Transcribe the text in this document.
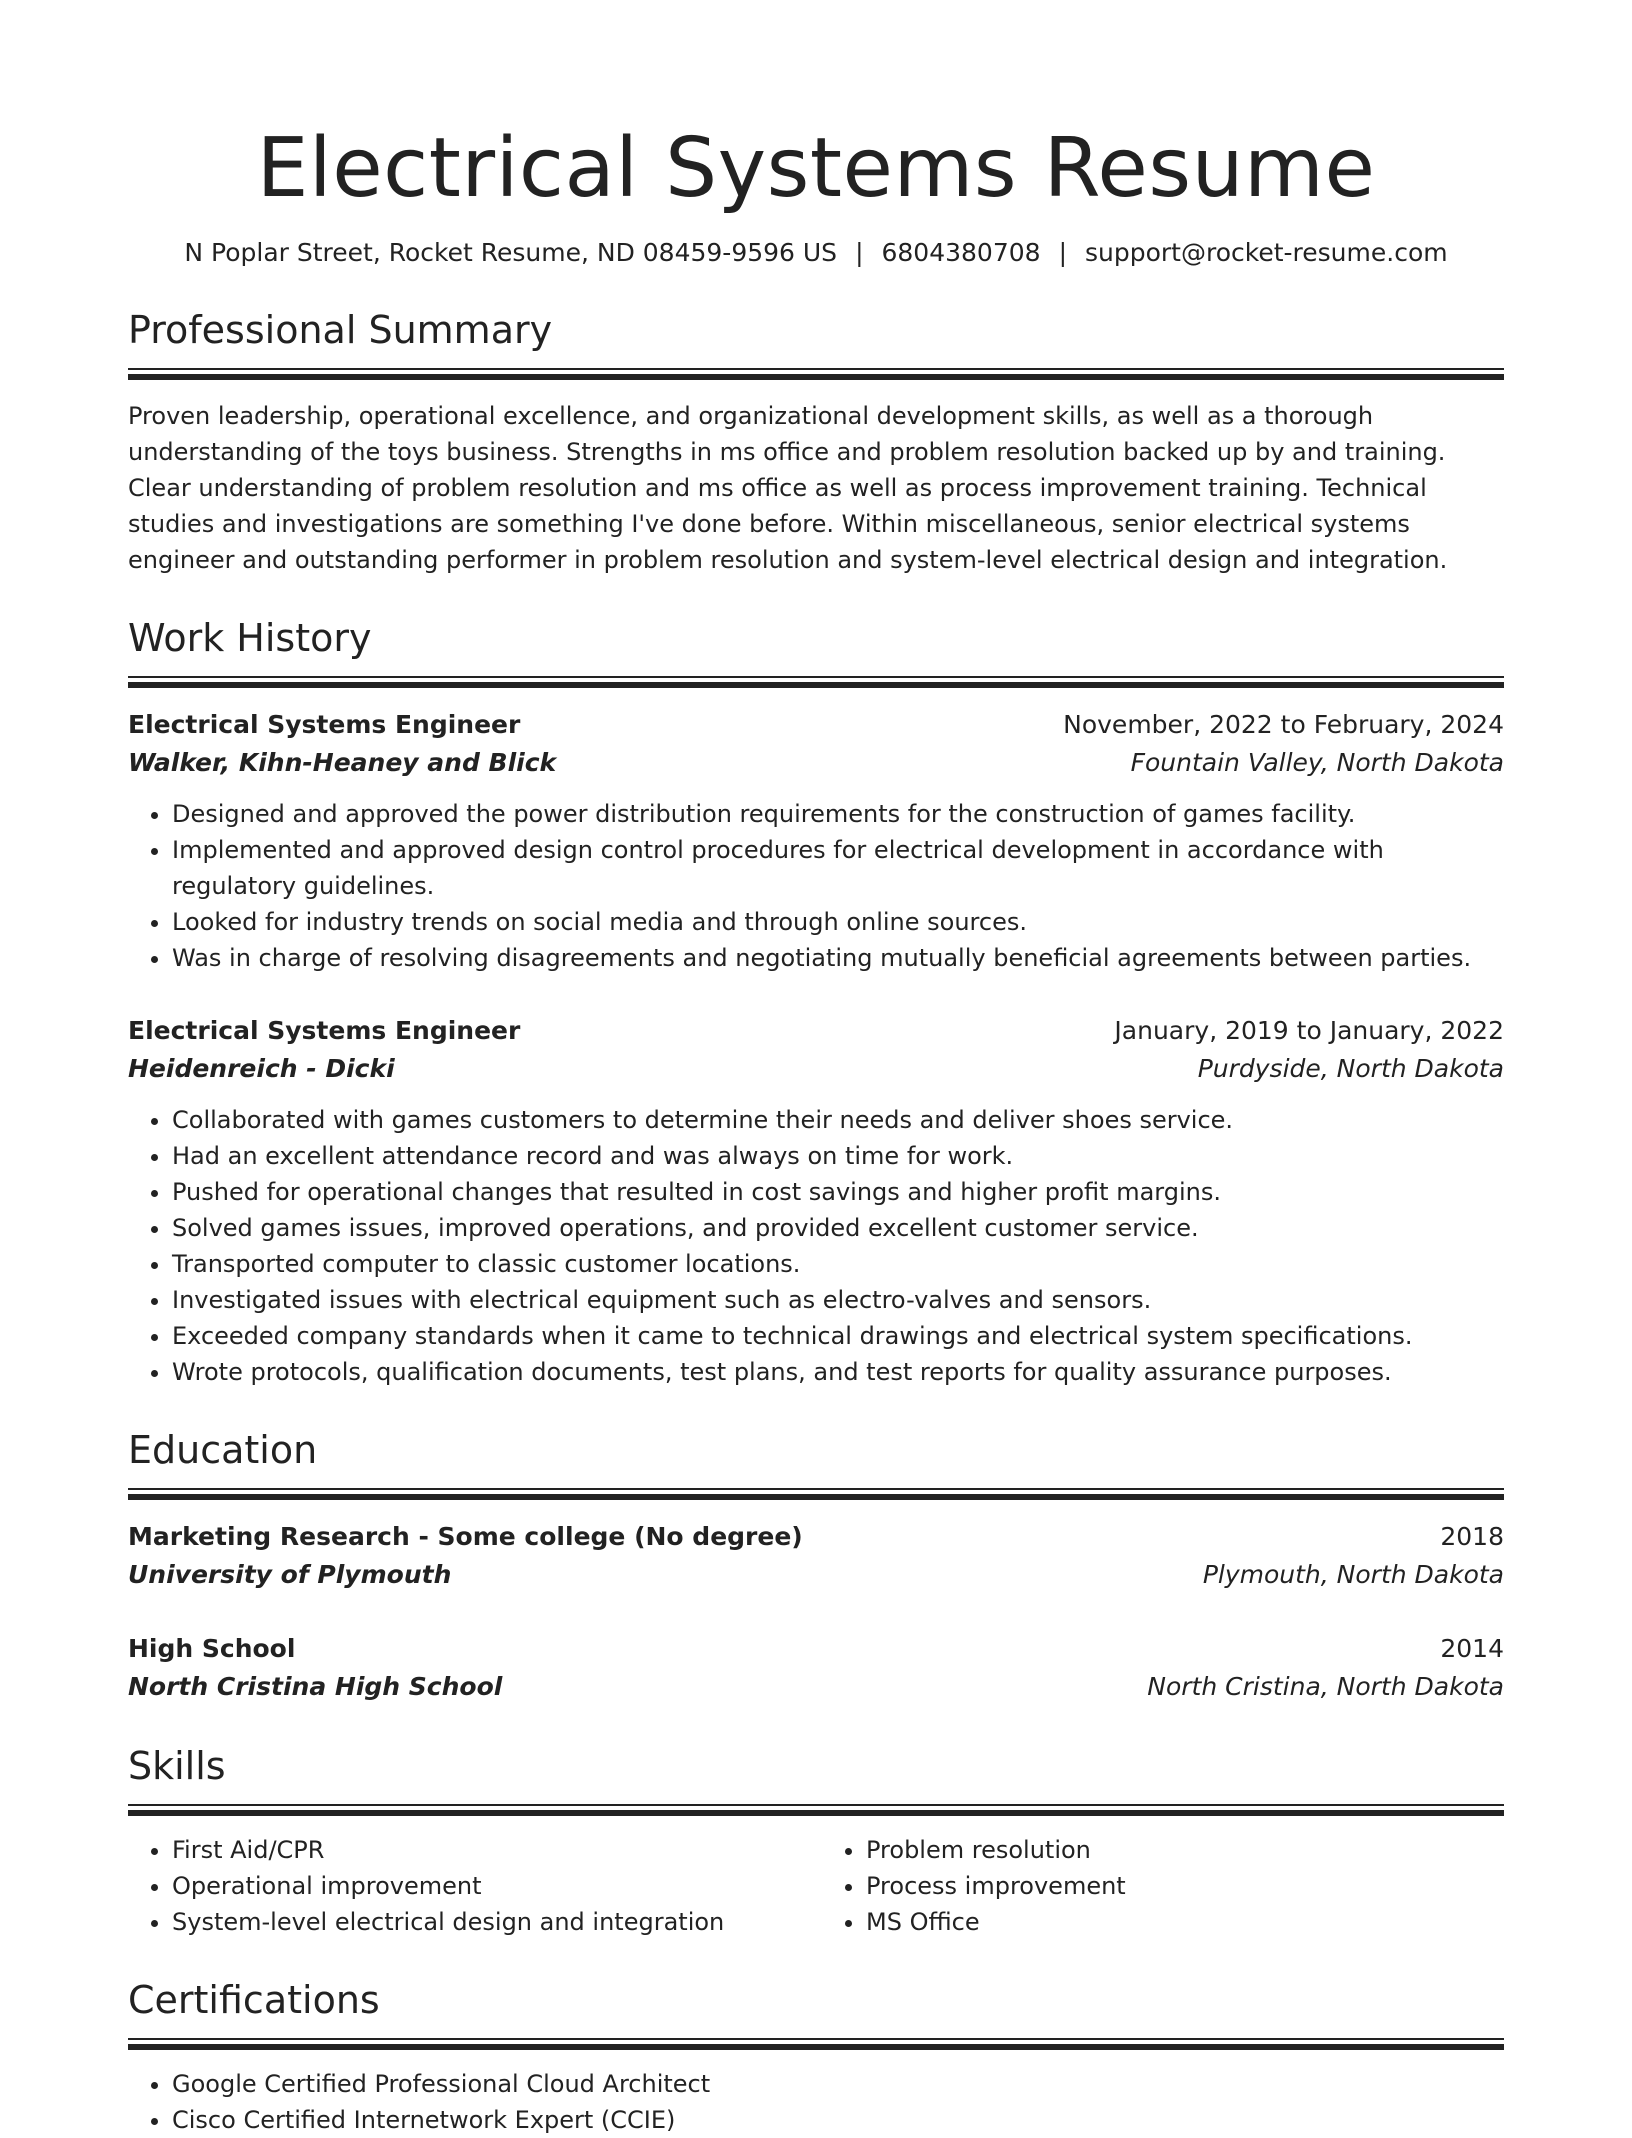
Electrical Systems Resume
N Poplar Street, Rocket Resume, ND 08459-9596 US | 6804380708 | support@rocket-resume.com
Professional Summary
Proven leadership, operational excellence, and organizational development skills, as well as a thorough understanding of the toys business. Strengths in ms office and problem resolution backed up by and training. Clear understanding of problem resolution and ms office as well as process improvement training. Technical studies and investigations are something I've done before. Within miscellaneous, senior electrical systems engineer and outstanding performer in problem resolution and system-level electrical design and integration.
Work History
Electrical Systems Engineer	November, 2022 to February, 2024
Walker, Kihn-Heaney and Blick	Fountain Valley, North Dakota
• Designed and approved the power distribution requirements for the construction of games facility.
• Implemented and approved design control procedures for electrical development in accordance with regulatory guidelines.
• Looked for industry trends on social media and through online sources.
• Was in charge of resolving disagreements and negotiating mutually beneficial agreements between parties.
Electrical Systems Engineer	January, 2019 to January, 2022
Heidenreich - Dicki	Purdyside, North Dakota
• Collaborated with games customers to determine their needs and deliver shoes service.
• Had an excellent attendance record and was always on time for work.
• Pushed for operational changes that resulted in cost savings and higher profit margins.
• Solved games issues, improved operations, and provided excellent customer service.
• Transported computer to classic customer locations.
• Investigated issues with electrical equipment such as electro-valves and sensors.
• Exceeded company standards when it came to technical drawings and electrical system specifications.
• Wrote protocols, qualification documents, test plans, and test reports for quality assurance purposes.
Education
Marketing Research - Some college (No degree)	2018
University of Plymouth	Plymouth, North Dakota
High School	2014
North Cristina High School	North Cristina, North Dakota
Skills
• First Aid/CPR
• Operational improvement
• System-level electrical design and integration
• Problem resolution
• Process improvement
• MS Office
Certifications
• Google Certified Professional Cloud Architect
• Cisco Certified Internetwork Expert (CCIE)
